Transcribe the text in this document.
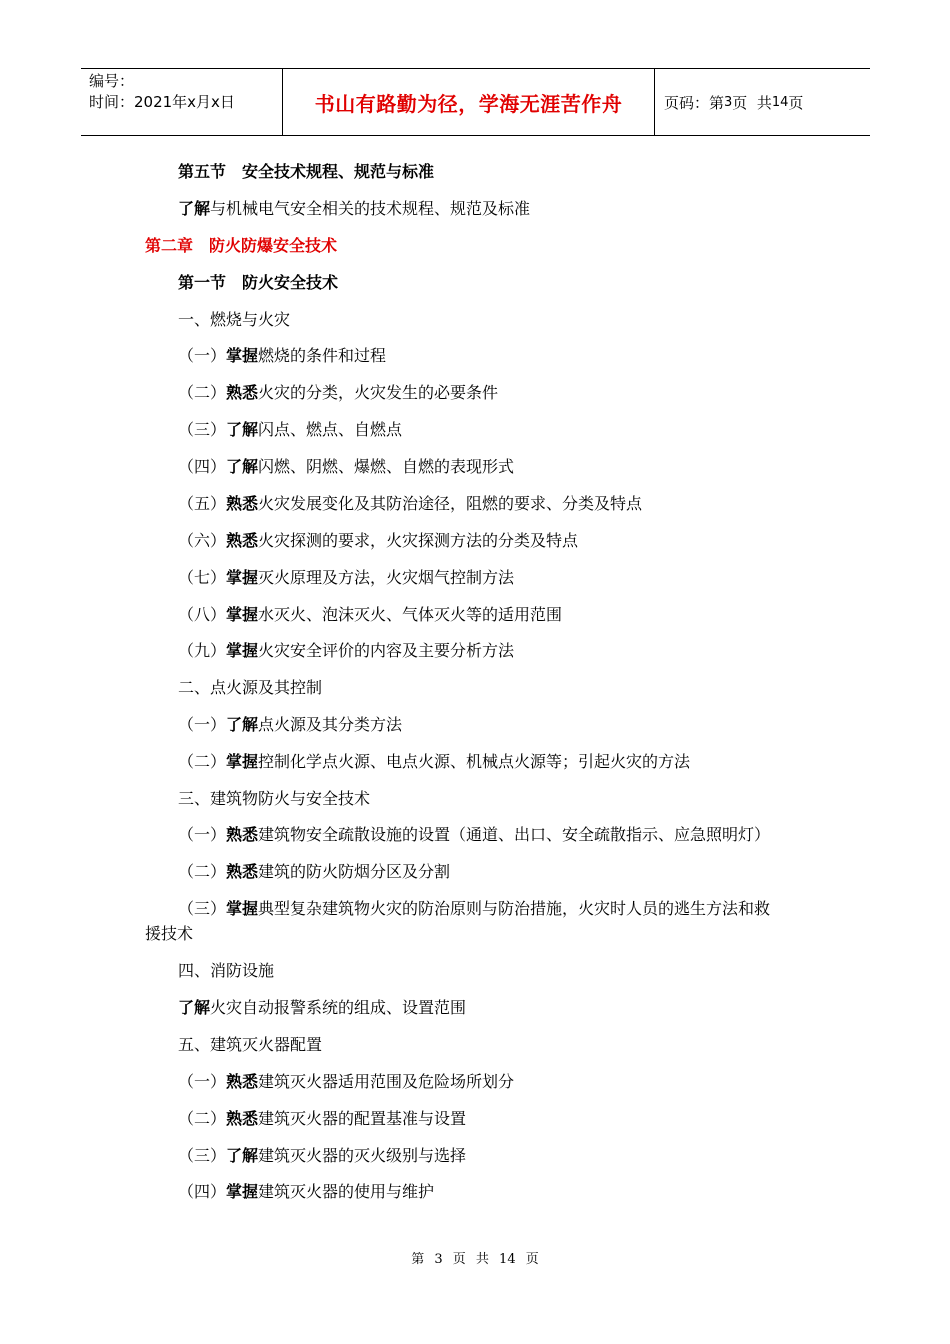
编号：
时间：2021年x月x日	书山有路勤为径，学海无涯苦作舟	页码：第 3 页  共 14 页
第五节　安全技术规程、规范与标准
了解与机械电气安全相关的技术规程、规范及标准
第二章　防火防爆安全技术
第一节　防火安全技术
一、燃烧与火灾
（一）掌握燃烧的条件和过程
（二）熟悉火灾的分类，火灾发生的必要条件
（三）了解闪点、燃点、自燃点
（四）了解闪燃、阴燃、爆燃、自燃的表现形式
（五）熟悉火灾发展变化及其防治途径，阻燃的要求、分类及特点
（六）熟悉火灾探测的要求，火灾探测方法的分类及特点
（七）掌握灭火原理及方法，火灾烟气控制方法
（八）掌握水灭火、泡沫灭火、气体灭火等的适用范围
（九）掌握火灾安全评价的内容及主要分析方法
二、点火源及其控制
（一）了解点火源及其分类方法
（二）掌握控制化学点火源、电点火源、机械点火源等；引起火灾的方法
三、建筑物防火与安全技术
（一）熟悉建筑物安全疏散设施的设置（通道、出口、安全疏散指示、应急照明灯）
（二）熟悉建筑的防火防烟分区及分割
（三）掌握典型复杂建筑物火灾的防治原则与防治措施，火灾时人员的逃生方法和救
援技术
四、消防设施
了解火灾自动报警系统的组成、设置范围
五、建筑灭火器配置
（一）熟悉建筑灭火器适用范围及危险场所划分
（二）熟悉建筑灭火器的配置基准与设置
（三）了解建筑灭火器的灭火级别与选择
（四）掌握建筑灭火器的使用与维护
第 3 页 共 14 页
